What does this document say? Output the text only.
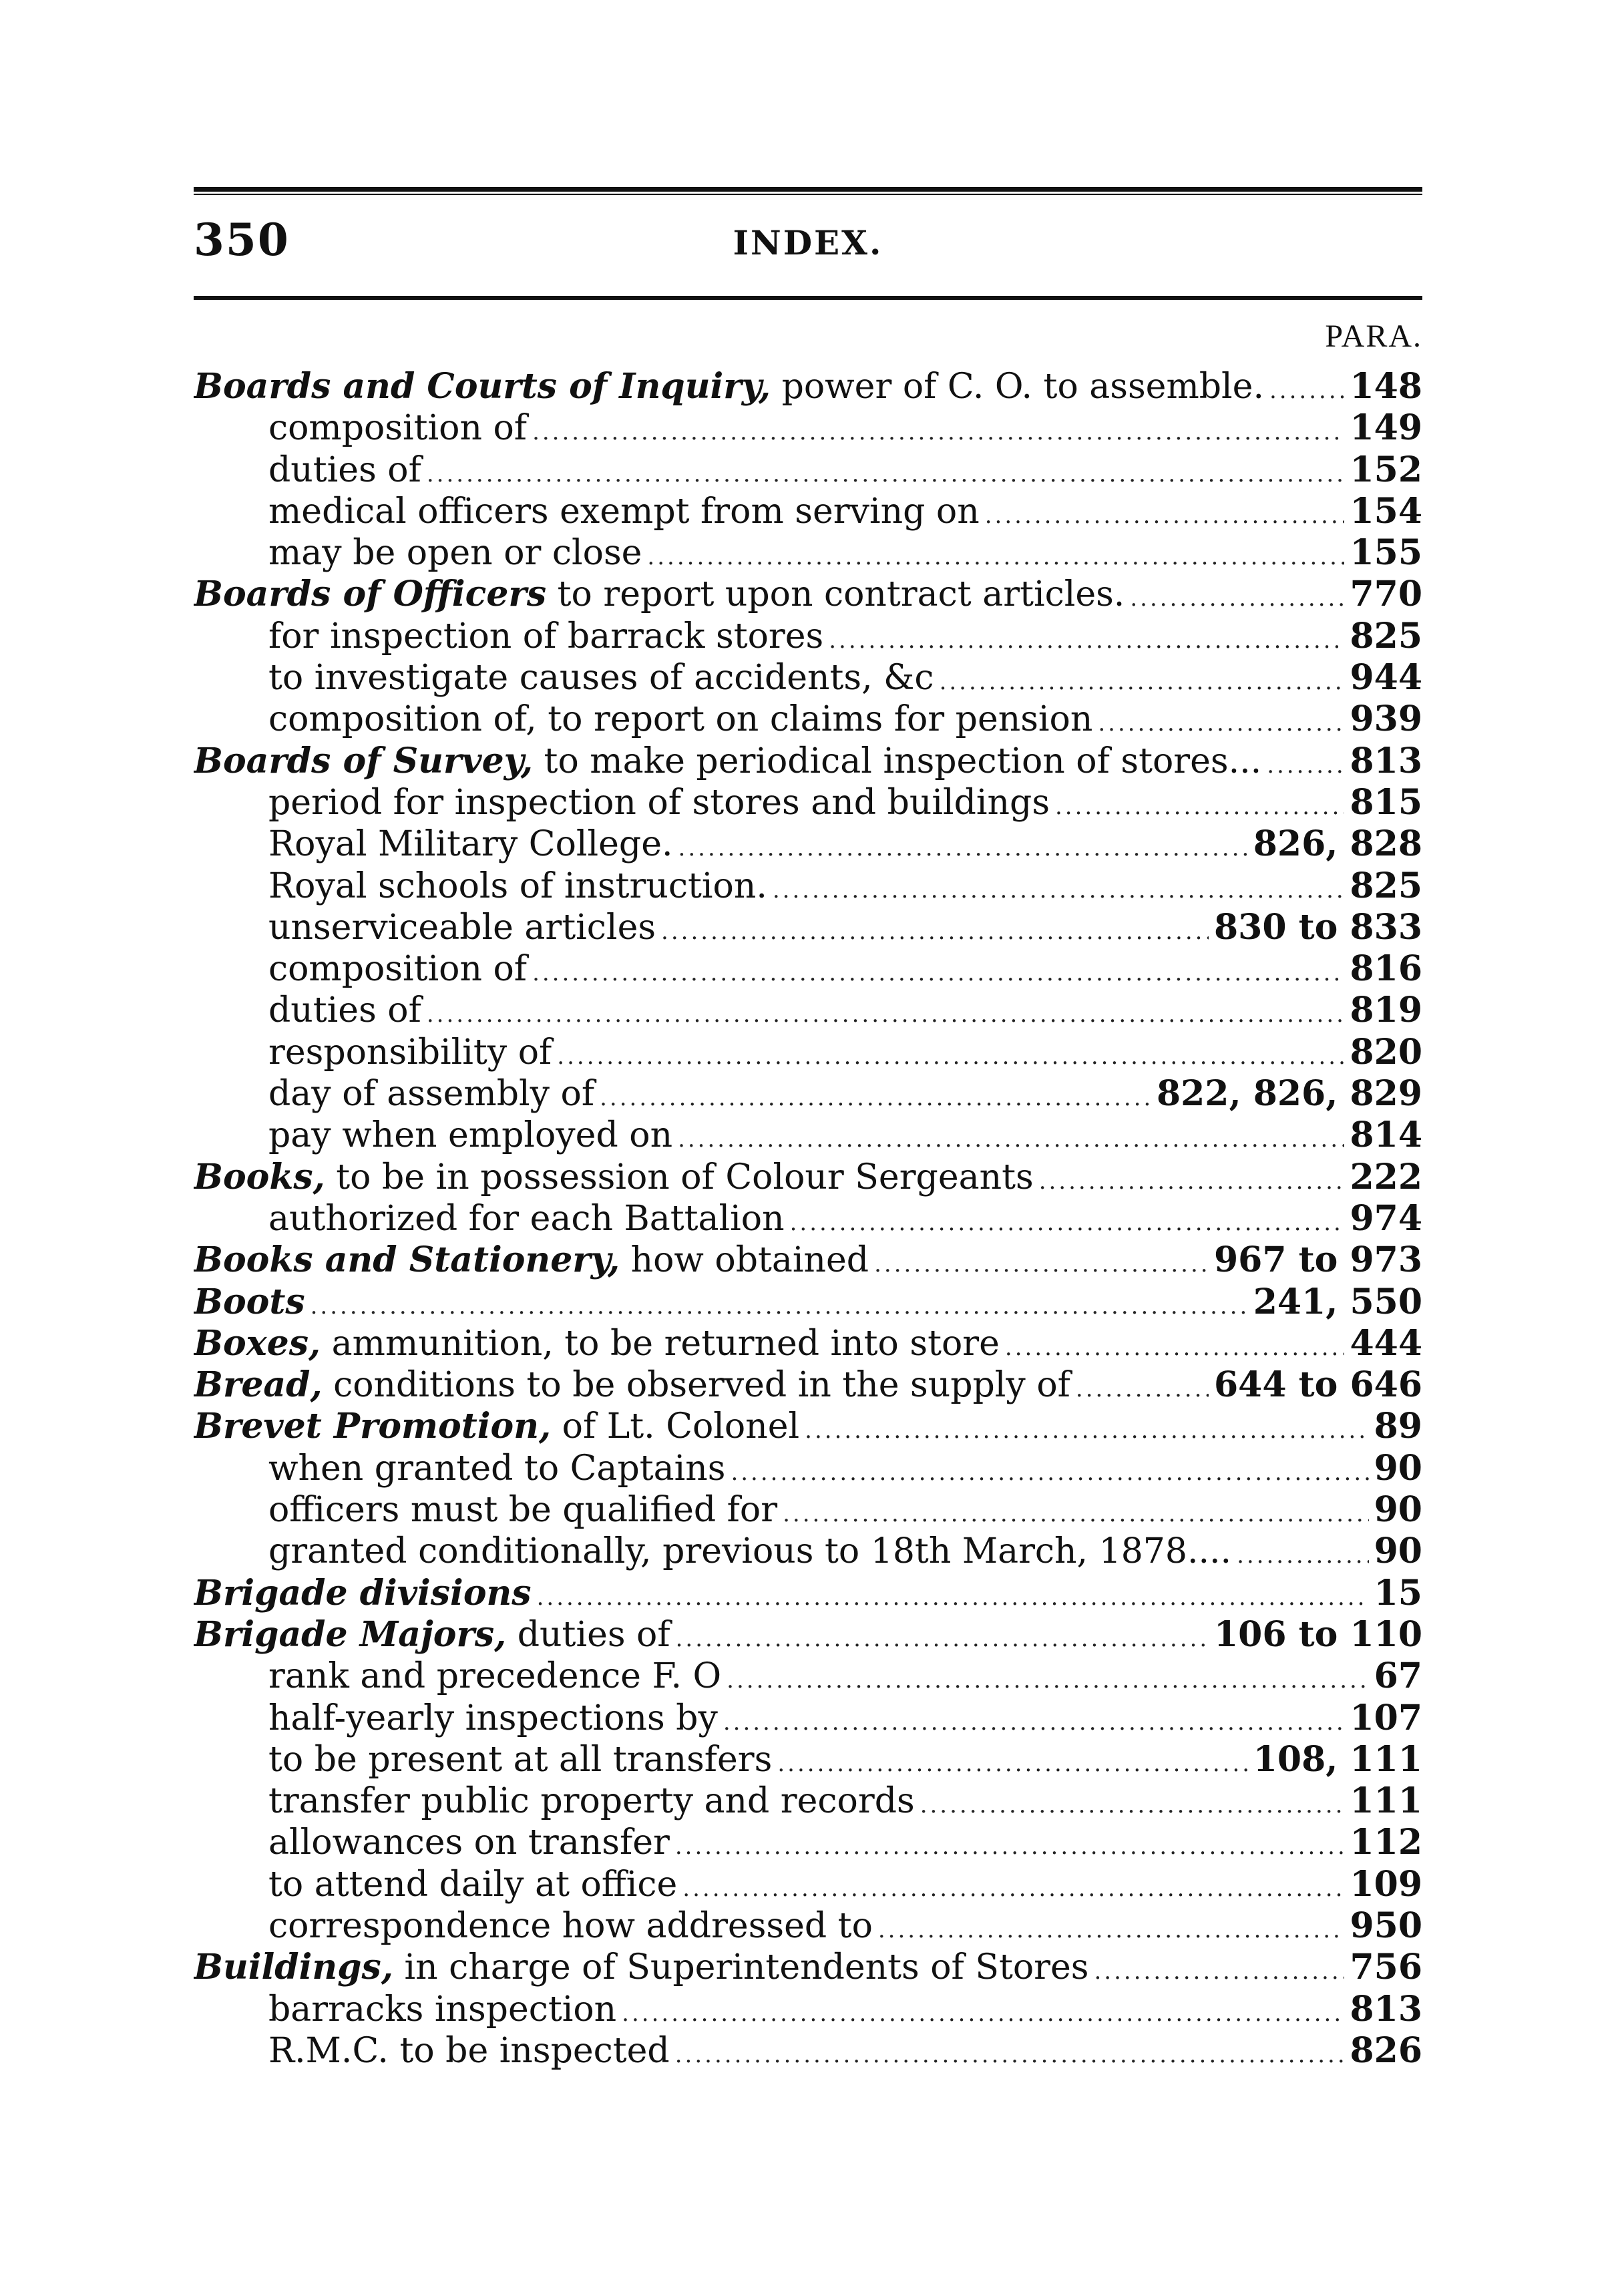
350	INDEX.
PARA.
Boards and Courts of Inquiry, power of C. O. to assemble. ..... 148
composition of .....	149
duties of .....	152
medical officers exempt from serving on .....	154
may be open or close .....	155
Boards of Officers to report upon contract articles. .....	770
for inspection of barrack stores .....	825
to investigate causes of accidents, &c .....	944
composition of, to report on claims for pension .....	939
Boards of Survey, to make periodical inspection of stores... .....	813
period for inspection of stores and buildings .....	815
Royal Military College. .....	826, 828
Royal schools of instruction. .....	825
unserviceable articles .....	830 to 833
composition of .....	816
duties of .....	819
responsibility of .....	820
day of assembly of .....	822, 826, 829
pay when employed on .....	814
Books, to be in possession of Colour Sergeants .....	222
authorized for each Battalion .....	974
Books and Stationery, how obtained .....	967 to 973
Boots .....	241, 550
Boxes, ammunition, to be returned into store .....	444
Bread, conditions to be observed in the supply of .....	644 to 646
Brevet Promotion, of Lt. Colonel .....	89
when granted to Captains .....	90
officers must be qualified for .....	90
granted conditionally, previous to 18th March, 1878.... .....	90
Brigade divisions .....	15
Brigade Majors, duties of .....	106 to 110
rank and precedence F. O .....	67
half-yearly inspections by .....	107
to be present at all transfers .....	108, 111
transfer public property and records .....	111
allowances on transfer .....	112
to attend daily at office .....	109
correspondence how addressed to .....	950
Buildings, in charge of Superintendents of Stores .....	756
barracks inspection .....	813
R.M.C. to be inspected .....	826
